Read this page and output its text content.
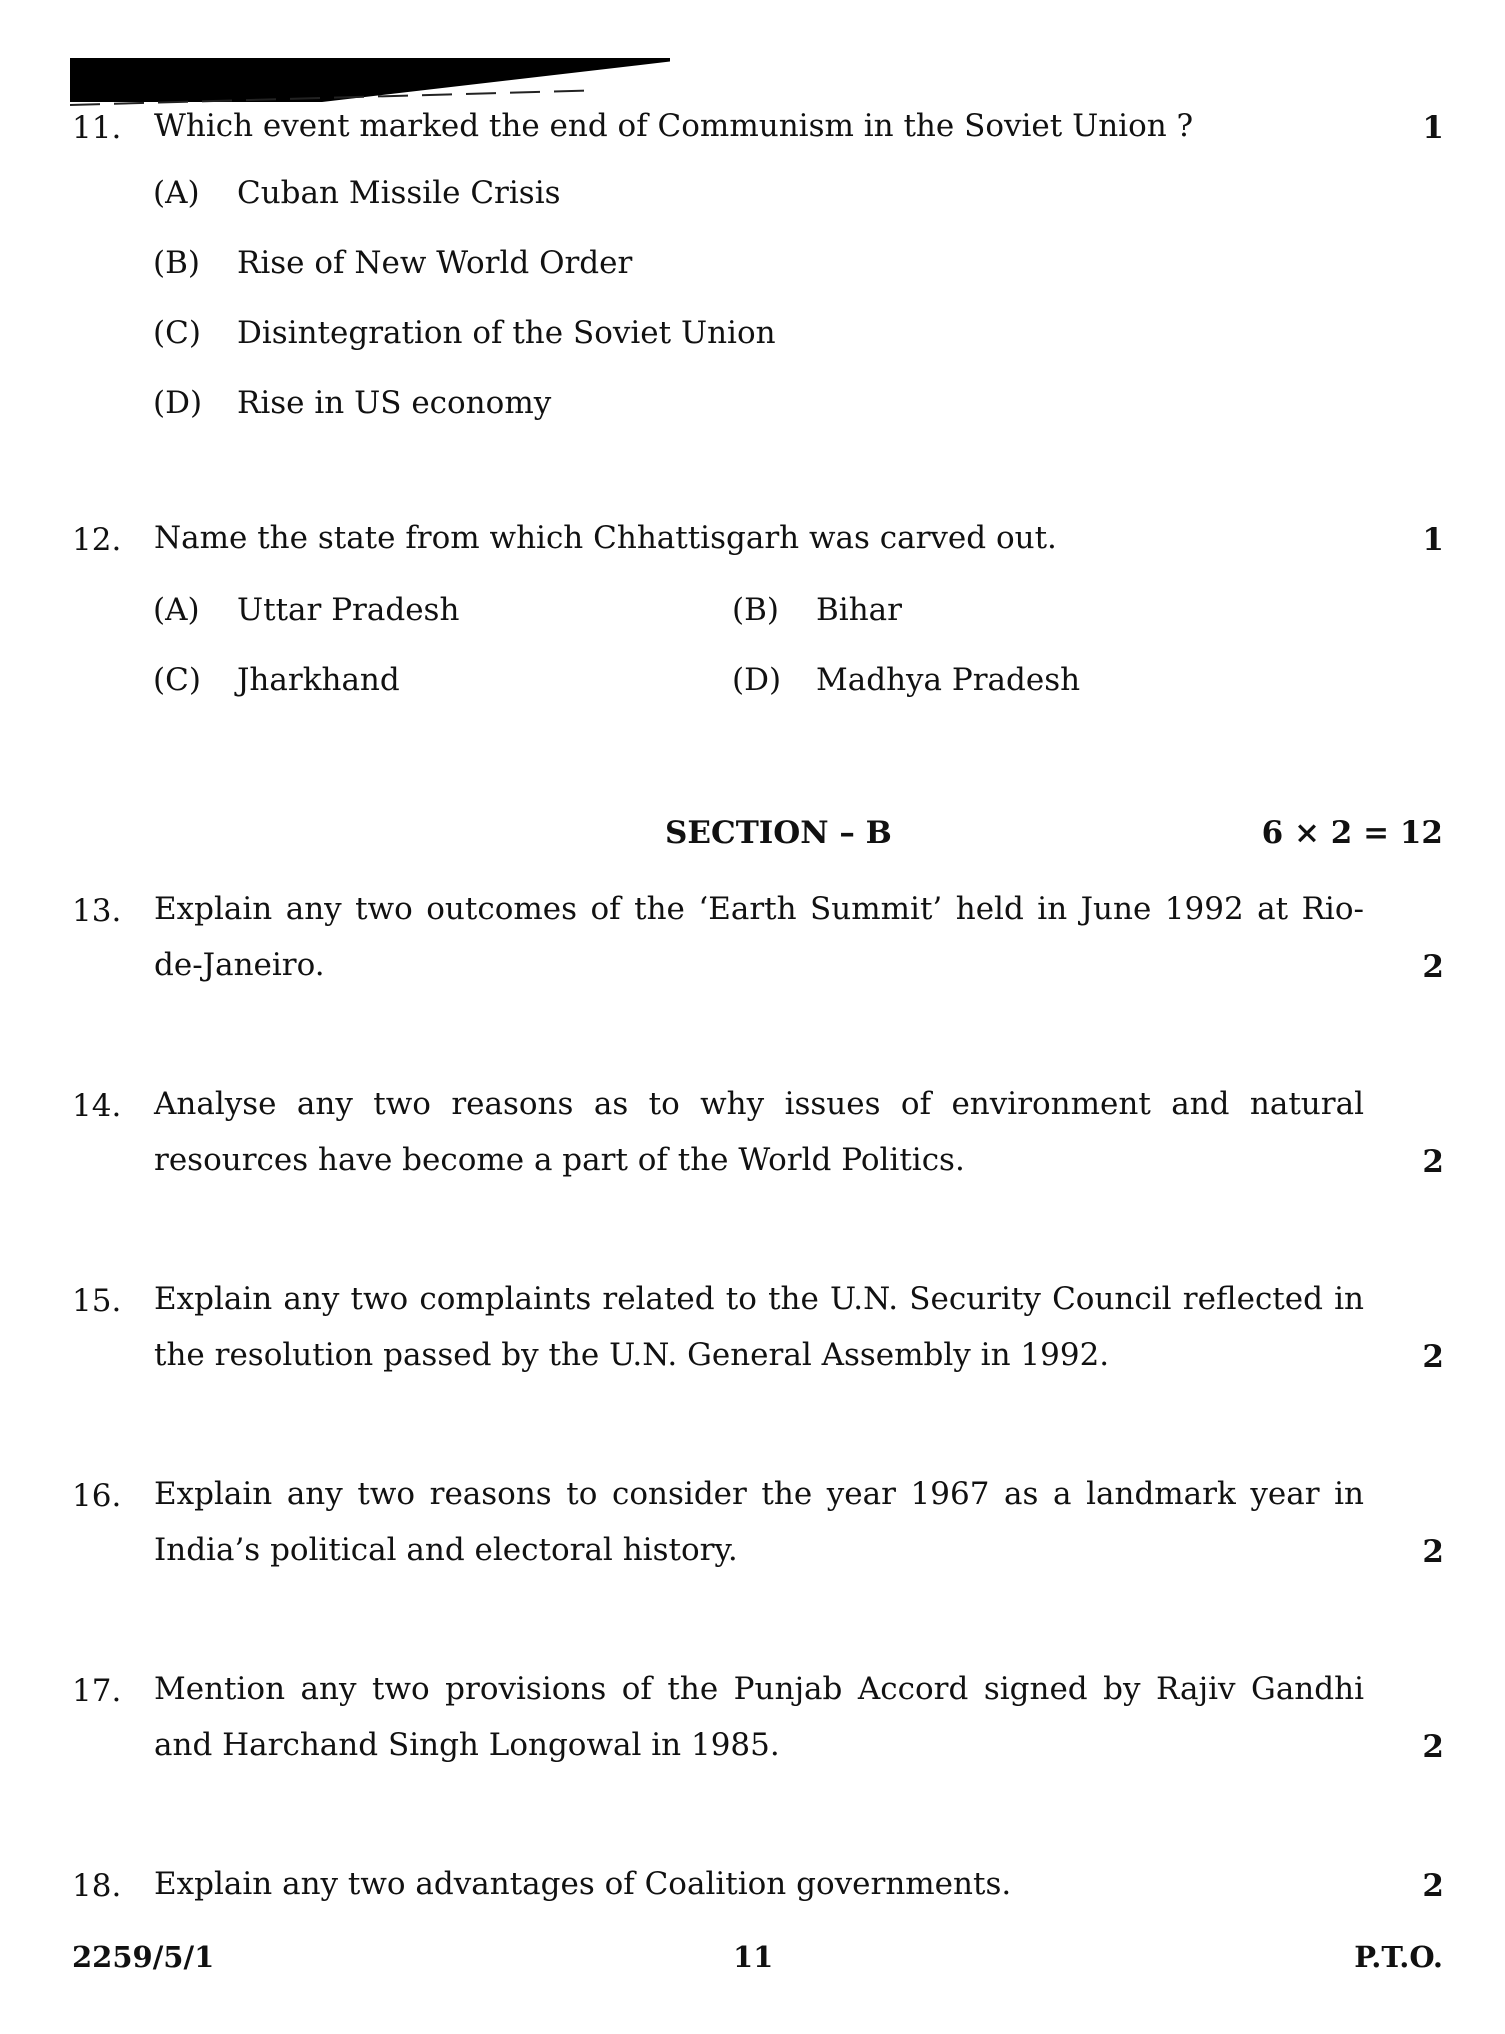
11. Which event marked the end of Communism in the Soviet Union ?	1
(A) Cuban Missile Crisis
(B) Rise of New World Order
(C) Disintegration of the Soviet Union
(D) Rise in US economy
12. Name the state from which Chhattisgarh was carved out.	1
(A) Uttar Pradesh	(B) Bihar
(C) Jharkhand	(D) Madhya Pradesh
SECTION – B	6 × 2 = 12
13. Explain any two outcomes of the ‘Earth Summit’ held in June 1992 at Rio-de-Janeiro.	2
14. Analyse any two reasons as to why issues of environment and natural resources have become a part of the World Politics.	2
15. Explain any two complaints related to the U.N. Security Council reflected in the resolution passed by the U.N. General Assembly in 1992.	2
16. Explain any two reasons to consider the year 1967 as a landmark year in India’s political and electoral history.	2
17. Mention any two provisions of the Punjab Accord signed by Rajiv Gandhi and Harchand Singh Longowal in 1985.	2
18. Explain any two advantages of Coalition governments.	2
2259/5/1	11	P.T.O.
